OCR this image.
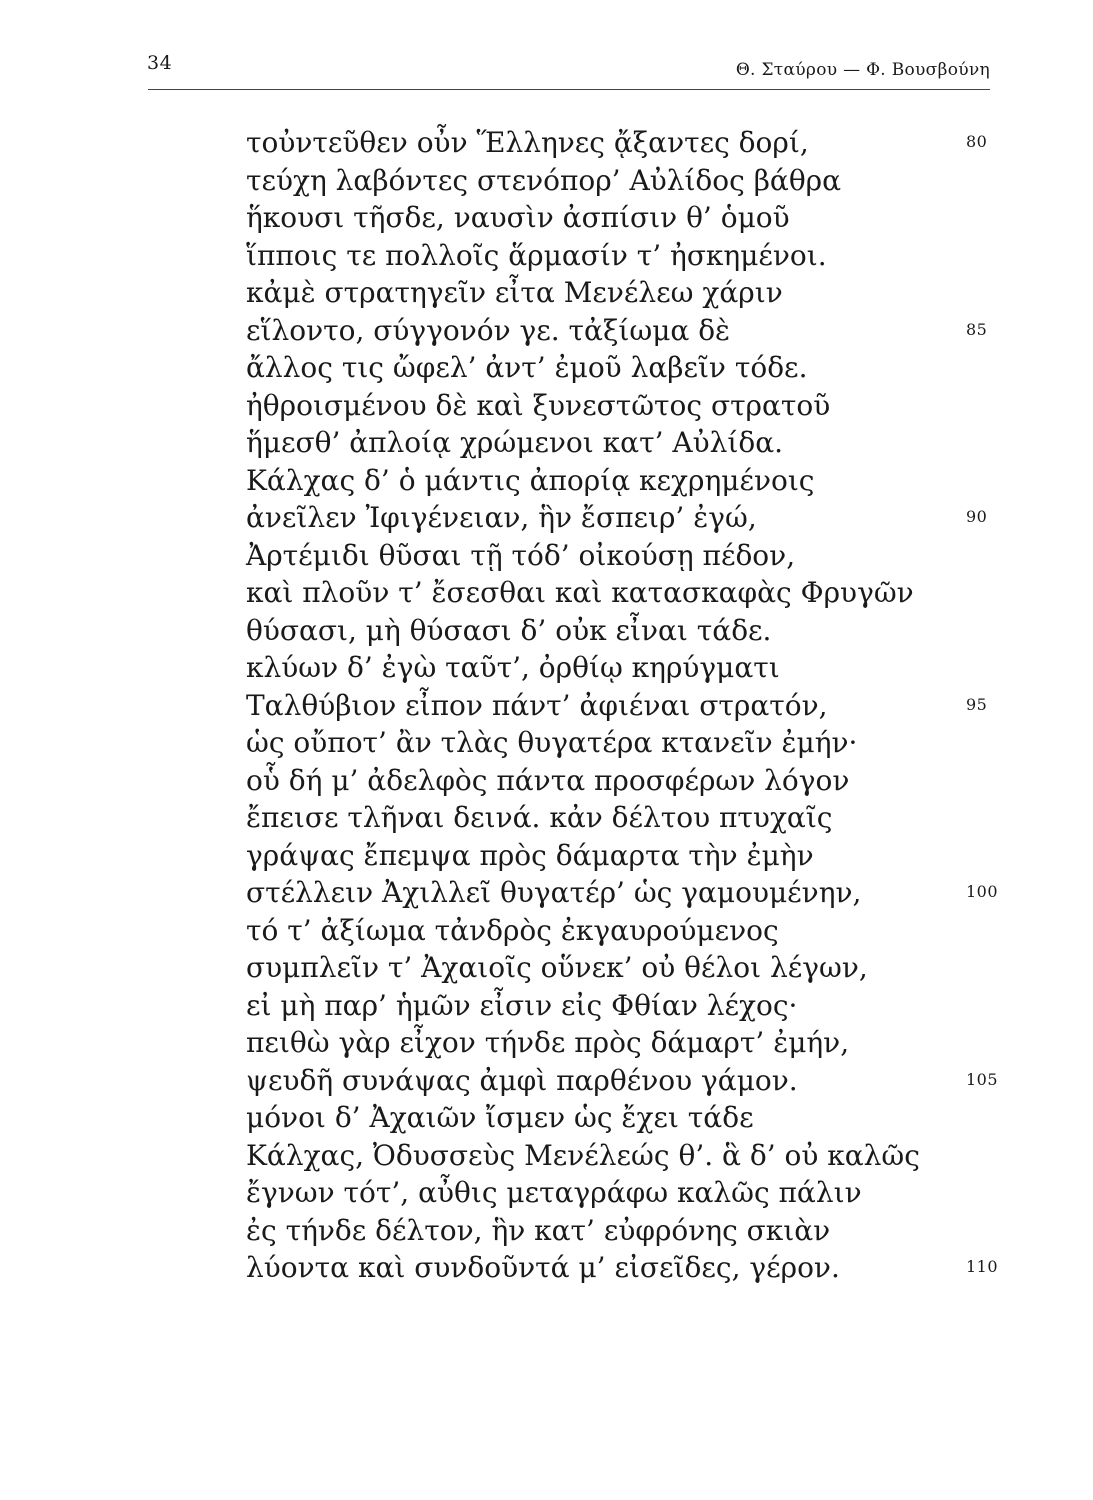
34	Θ. Σταύρου — Φ. Βουσβούνη
τοὐντεῦθεν οὖν Ἕλληνες ᾄξαντες δορί,	80
τεύχη λαβόντες στενόπορ’ Αὐλίδος βάθρα
ἥκουσι τῆσδε, ναυσὶν ἀσπίσιν θ’ ὁμοῦ
ἵπποις τε πολλοῖς ἅρμασίν τ’ ἠσκημένοι.
κἀμὲ στρατηγεῖν εἶτα Μενέλεω χάριν
εἵλοντο, σύγγονόν γε. τἀξίωμα δὲ	85
ἄλλος τις ὤφελ’ ἀντ’ ἐμοῦ λαβεῖν τόδε.
ἠθροισμένου δὲ καὶ ξυνεστῶτος στρατοῦ
ἥμεσθ’ ἀπλοίᾳ χρώμενοι κατ’ Αὐλίδα.
Κάλχας δ’ ὁ μάντις ἀπορίᾳ κεχρημένοις
ἀνεῖλεν Ἰφιγένειαν, ἣν ἔσπειρ’ ἐγώ,	90
Ἀρτέμιδι θῦσαι τῇ τόδ’ οἰκούσῃ πέδον,
καὶ πλοῦν τ’ ἔσεσθαι καὶ κατασκαφὰς Φρυγῶν
θύσασι, μὴ θύσασι δ’ οὐκ εἶναι τάδε.
κλύων δ’ ἐγὼ ταῦτ’, ὀρθίῳ κηρύγματι
Ταλθύβιον εἶπον πάντ’ ἀφιέναι στρατόν,	95
ὡς οὔποτ’ ἂν τλὰς θυγατέρα κτανεῖν ἐμήν·
οὗ δή μ’ ἀδελφὸς πάντα προσφέρων λόγον
ἔπεισε τλῆναι δεινά. κἀν δέλτου πτυχαῖς
γράψας ἔπεμψα πρὸς δάμαρτα τὴν ἐμὴν
στέλλειν Ἀχιλλεῖ θυγατέρ’ ὡς γαμουμένην,	100
τό τ’ ἀξίωμα τἀνδρὸς ἐκγαυρούμενος
συμπλεῖν τ’ Ἀχαιοῖς οὕνεκ’ οὐ θέλοι λέγων,
εἰ μὴ παρ’ ἡμῶν εἶσιν εἰς Φθίαν λέχος·
πειθὼ γὰρ εἶχον τήνδε πρὸς δάμαρτ’ ἐμήν,
ψευδῆ συνάψας ἀμφὶ παρθένου γάμον.	105
μόνοι δ’ Ἀχαιῶν ἴσμεν ὡς ἔχει τάδε
Κάλχας, Ὀδυσσεὺς Μενέλεώς θ’. ἃ δ’ οὐ καλῶς
ἔγνων τότ’, αὖθις μεταγράφω καλῶς πάλιν
ἐς τήνδε δέλτον, ἣν κατ’ εὐφρόνης σκιὰν
λύοντα καὶ συνδοῦντά μ’ εἰσεῖδες, γέρον.	110
